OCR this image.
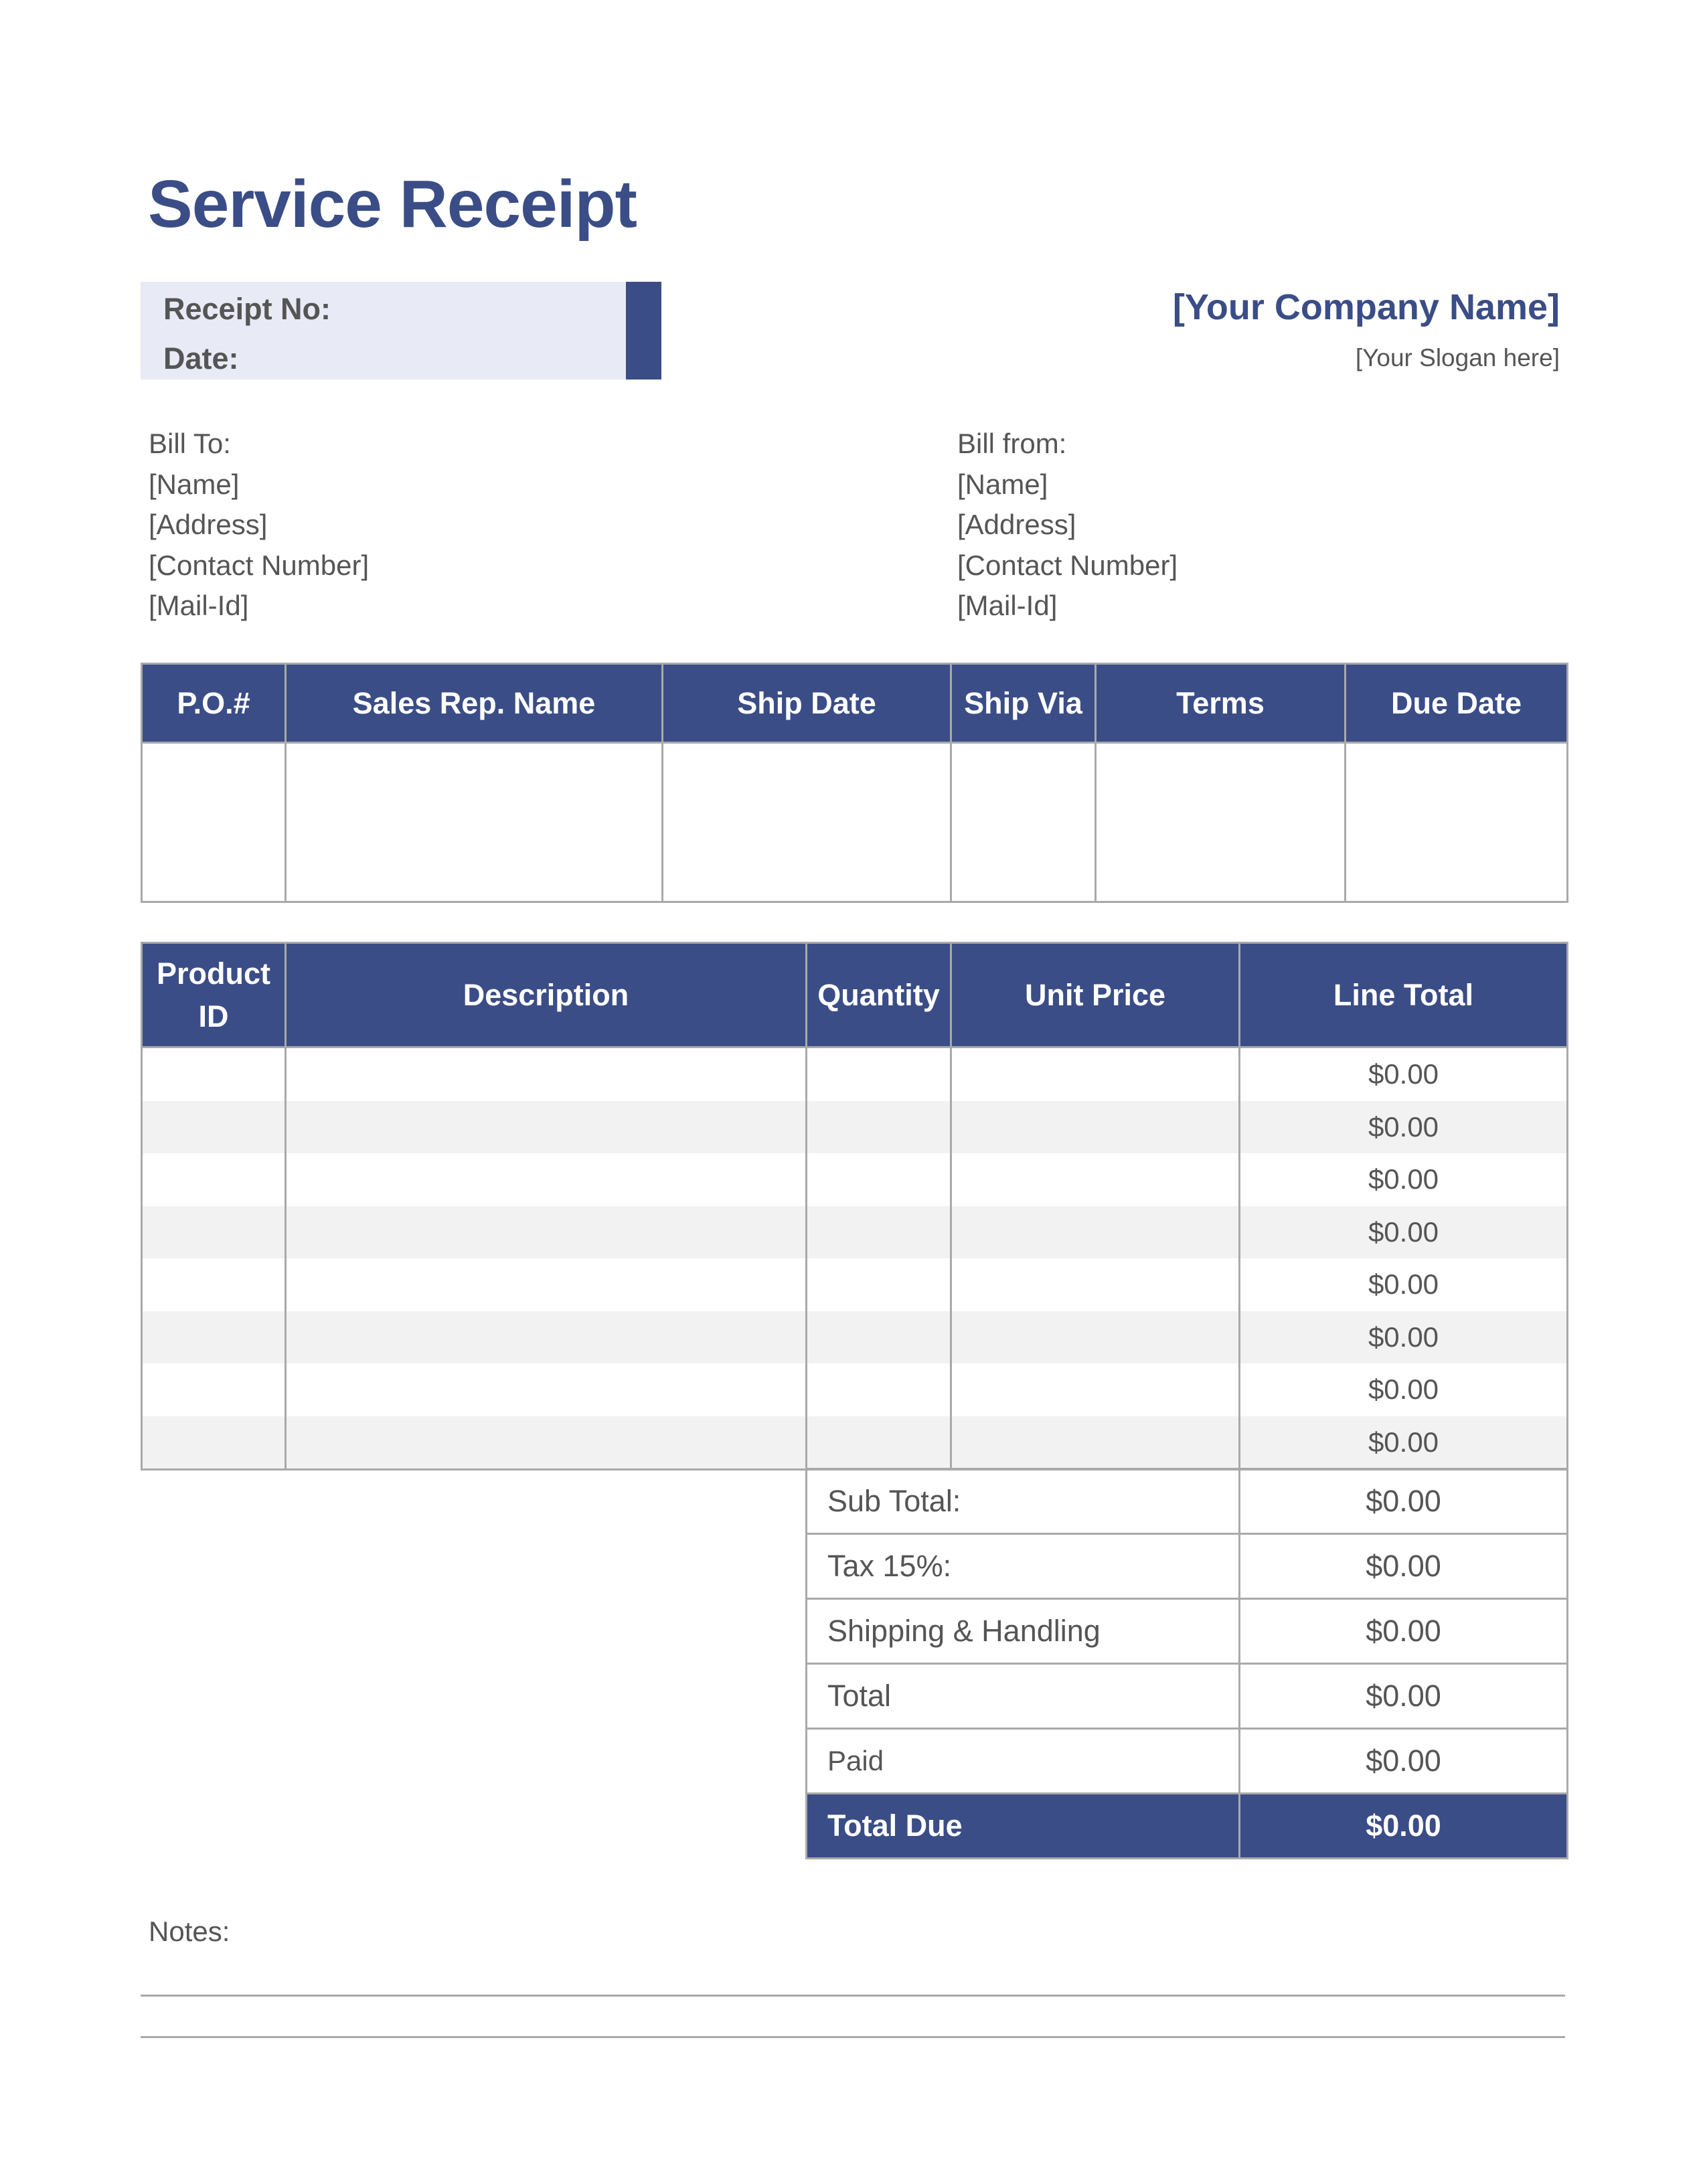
Service Receipt
Receipt No:
Date:
[Your Company Name]
[Your Slogan here]
Bill To:
[Name]
[Address]
[Contact Number]
[Mail-Id]
Bill from:
[Name]
[Address]
[Contact Number]
[Mail-Id]
P.O.#	Sales Rep. Name	Ship Date	Ship Via	Terms	Due Date

Product ID	Description	Quantity	Unit Price	Line Total
				$0.00
				$0.00
				$0.00
				$0.00
				$0.00
				$0.00
				$0.00
				$0.00
Sub Total:	$0.00
Tax 15%:	$0.00
Shipping & Handling	$0.00
Total	$0.00
Paid	$0.00
Total Due	$0.00
Notes:
